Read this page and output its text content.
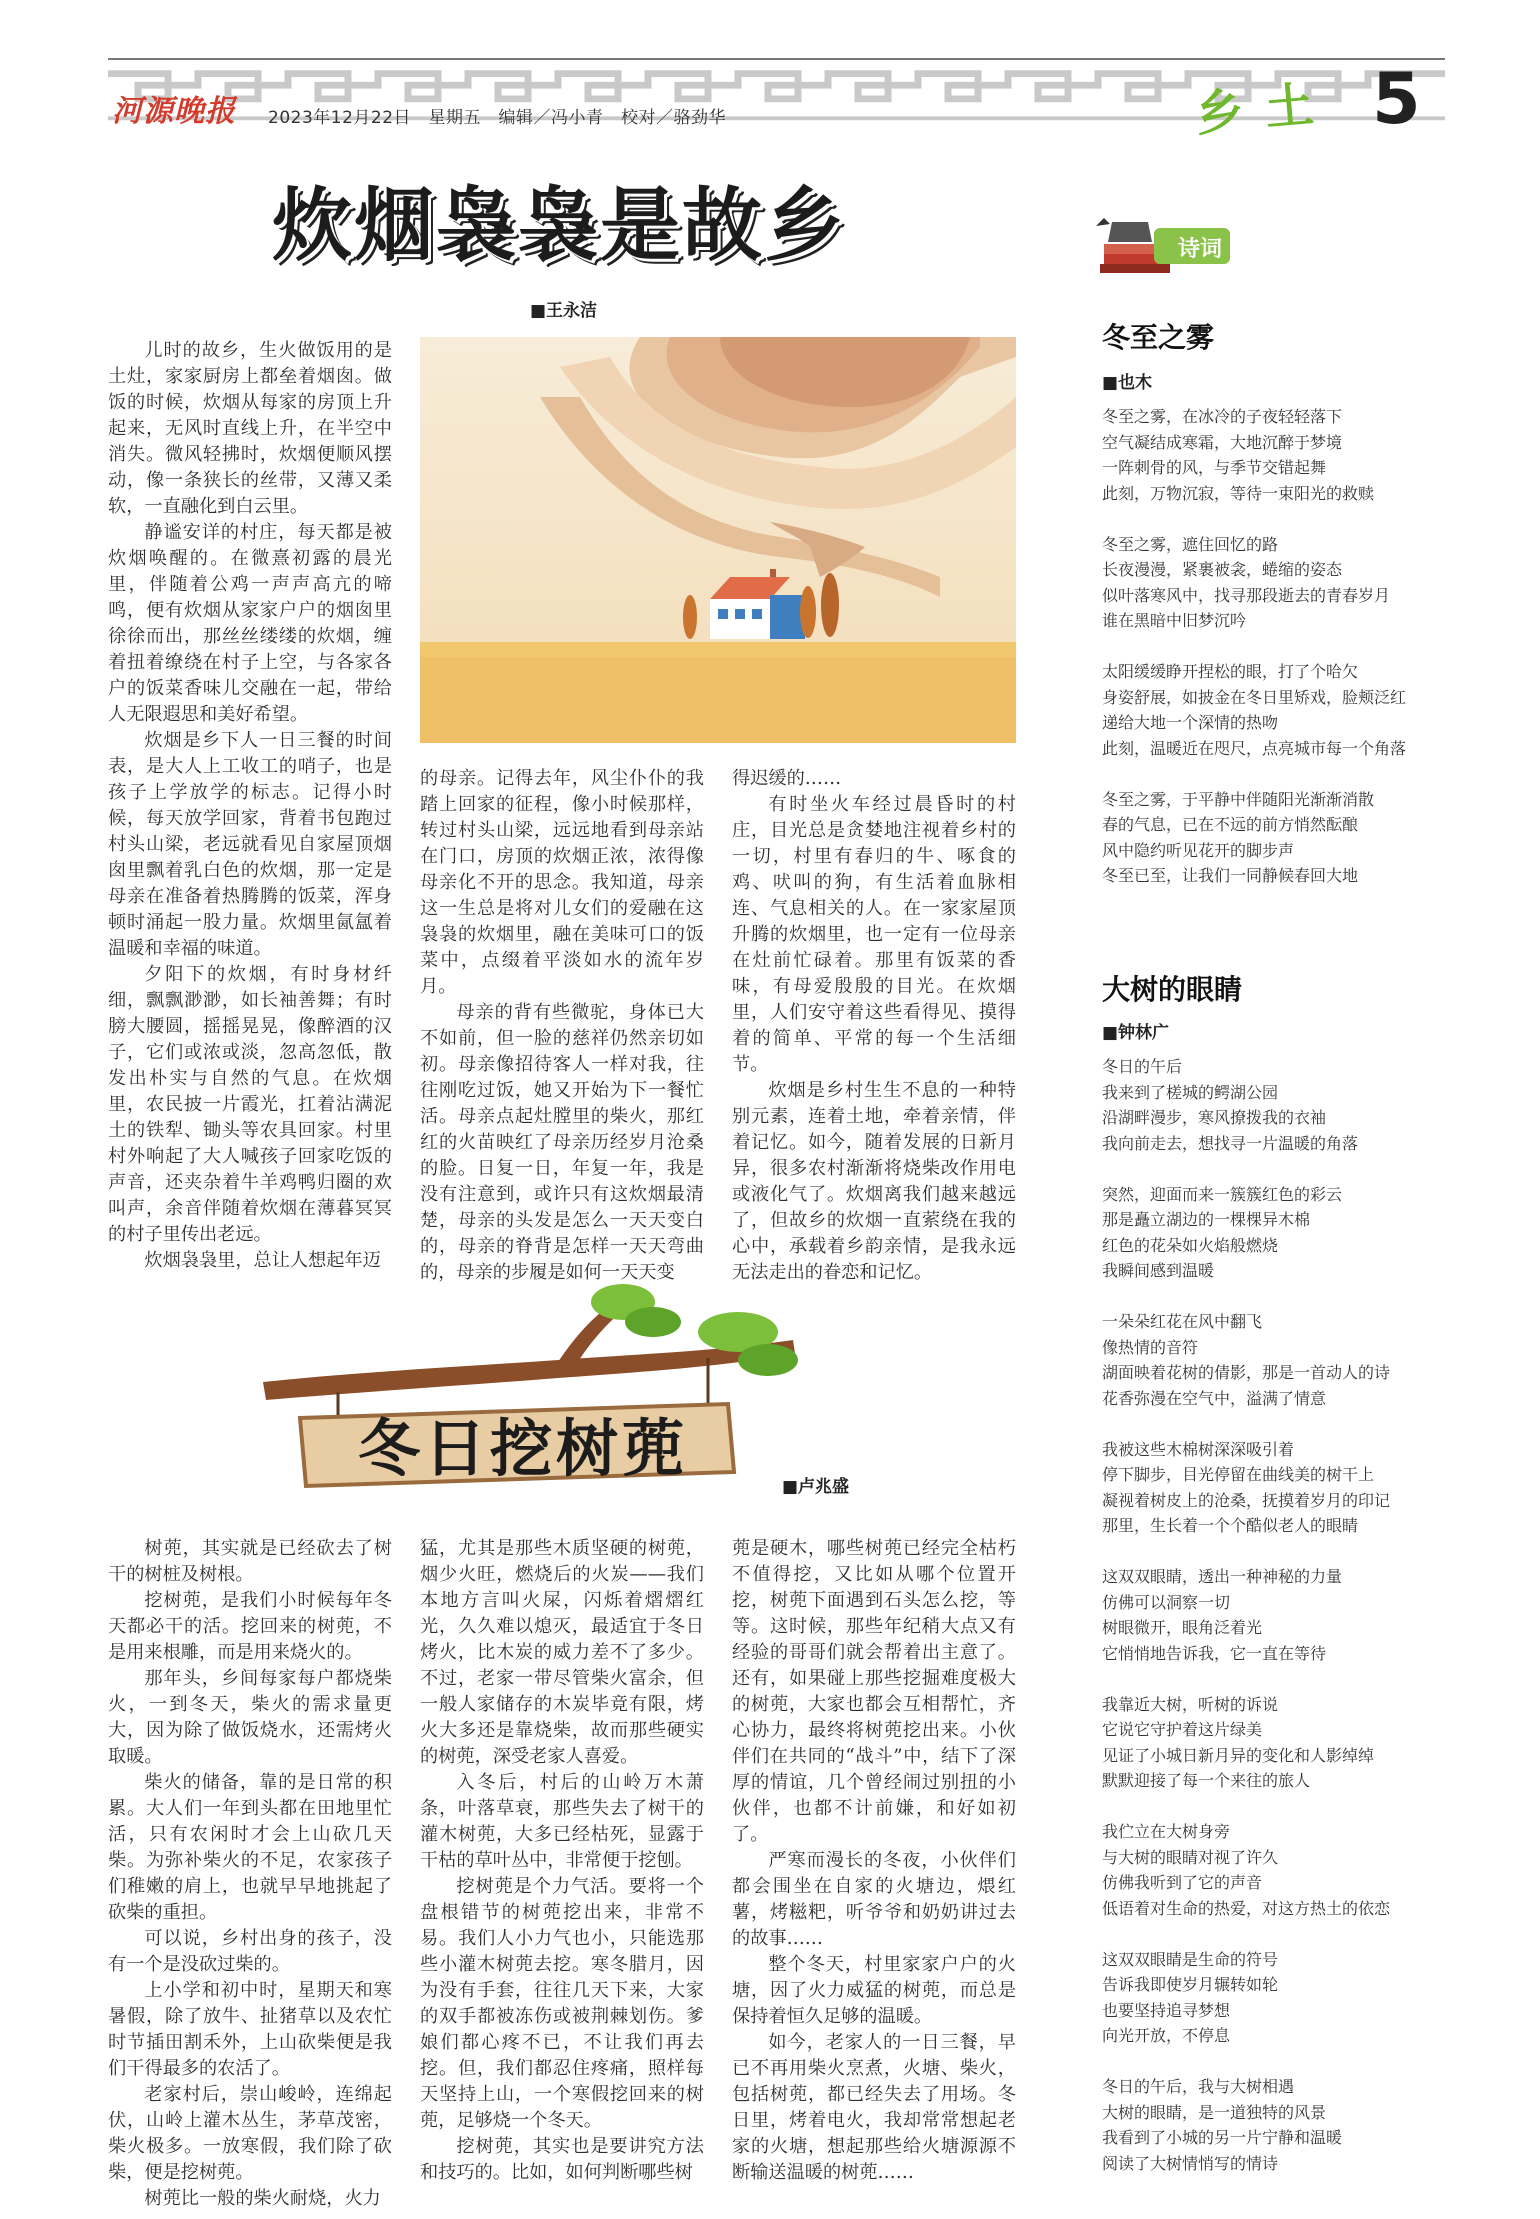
河源晚报 2023年12月22日　星期五　编辑／冯小青　校对／骆劲华	乡土 5
炊烟袅袅是故乡
■王永洁

儿时的故乡，生火做饭用的是土灶，家家厨房上都垒着烟囱。做饭的时候，炊烟从每家的房顶上升起来，无风时直线上升，在半空中消失。微风轻拂时，炊烟便顺风摆动，像一条狭长的丝带，又薄又柔软，一直融化到白云里。

静谧安详的村庄，每天都是被炊烟唤醒的。在微熹初露的晨光里，伴随着公鸡一声声高亢的啼鸣，便有炊烟从家家户户的烟囱里徐徐而出，那丝丝缕缕的炊烟，缠着扭着缭绕在村子上空，与各家各户的饭菜香味儿交融在一起，带给人无限遐思和美好希望。

炊烟是乡下人一日三餐的时间表，是大人上工收工的哨子，也是孩子上学放学的标志。记得小时候，每天放学回家，背着书包跑过村头山梁，老远就看见自家屋顶烟囱里飘着乳白色的炊烟，那一定是母亲在准备着热腾腾的饭菜，浑身顿时涌起一股力量。炊烟里氤氲着温暖和幸福的味道。

夕阳下的炊烟，有时身材纤细，飘飘渺渺，如长袖善舞；有时膀大腰圆，摇摇晃晃，像醉酒的汉子，它们或浓或淡，忽高忽低，散发出朴实与自然的气息。在炊烟里，农民披一片霞光，扛着沾满泥土的铁犁、锄头等农具回家。村里村外响起了大人喊孩子回家吃饭的声音，还夹杂着牛羊鸡鸭归圈的欢叫声，余音伴随着炊烟在薄暮冥冥的村子里传出老远。

炊烟袅袅里，总让人想起年迈

的母亲。记得去年，风尘仆仆的我踏上回家的征程，像小时候那样，转过村头山梁，远远地看到母亲站在门口，房顶的炊烟正浓，浓得像母亲化不开的思念。我知道，母亲这一生总是将对儿女们的爱融在这袅袅的炊烟里，融在美味可口的饭菜中，点缀着平淡如水的流年岁月。

母亲的背有些微驼，身体已大不如前，但一脸的慈祥仍然亲切如初。母亲像招待客人一样对我，往往刚吃过饭，她又开始为下一餐忙活。母亲点起灶膛里的柴火，那红红的火苗映红了母亲历经岁月沧桑的脸。日复一日，年复一年，我是没有注意到，或许只有这炊烟最清楚，母亲的头发是怎么一天天变白的，母亲的脊背是怎样一天天弯曲的，母亲的步履是如何一天天变

得迟缓的……

有时坐火车经过晨昏时的村庄，目光总是贪婪地注视着乡村的一切，村里有春归的牛、啄食的鸡、吠叫的狗，有生活着血脉相连、气息相关的人。在一家家屋顶升腾的炊烟里，也一定有一位母亲在灶前忙碌着。那里有饭菜的香味，有母爱殷殷的目光。在炊烟里，人们安守着这些看得见、摸得着的简单、平常的每一个生活细节。

炊烟是乡村生生不息的一种特别元素，连着土地，牵着亲情，伴着记忆。如今，随着发展的日新月异，很多农村渐渐将烧柴改作用电或液化气了。炊烟离我们越来越远了，但故乡的炊烟一直萦绕在我的心中，承载着乡韵亲情，是我永远无法走出的眷恋和记忆。

冬日挖树蔸
■卢兆盛

树蔸，其实就是已经砍去了树干的树桩及树根。

挖树蔸，是我们小时候每年冬天都必干的活。挖回来的树蔸，不是用来根雕，而是用来烧火的。

那年头，乡间每家每户都烧柴火，一到冬天，柴火的需求量更大，因为除了做饭烧水，还需烤火取暖。

柴火的储备，靠的是日常的积累。大人们一年到头都在田地里忙活，只有农闲时才会上山砍几天柴。为弥补柴火的不足，农家孩子们稚嫩的肩上，也就早早地挑起了砍柴的重担。

可以说，乡村出身的孩子，没有一个是没砍过柴的。

上小学和初中时，星期天和寒暑假，除了放牛、扯猪草以及农忙时节插田割禾外，上山砍柴便是我们干得最多的农活了。

老家村后，崇山峻岭，连绵起伏，山岭上灌木丛生，茅草茂密，柴火极多。一放寒假，我们除了砍柴，便是挖树蔸。

树蔸比一般的柴火耐烧，火力

猛，尤其是那些木质坚硬的树蔸，烟少火旺，燃烧后的火炭——我们本地方言叫火屎，闪烁着熠熠红光，久久难以熄灭，最适宜于冬日烤火，比木炭的威力差不了多少。不过，老家一带尽管柴火富余，但一般人家储存的木炭毕竟有限，烤火大多还是靠烧柴，故而那些硬实的树蔸，深受老家人喜爱。

入冬后，村后的山岭万木萧条，叶落草衰，那些失去了树干的灌木树蔸，大多已经枯死，显露于干枯的草叶丛中，非常便于挖刨。

挖树蔸是个力气活。要将一个盘根错节的树蔸挖出来，非常不易。我们人小力气也小，只能选那些小灌木树蔸去挖。寒冬腊月，因为没有手套，往往几天下来，大家的双手都被冻伤或被荆棘划伤。爹娘们都心疼不已，不让我们再去挖。但，我们都忍住疼痛，照样每天坚持上山，一个寒假挖回来的树蔸，足够烧一个冬天。

挖树蔸，其实也是要讲究方法和技巧的。比如，如何判断哪些树

蔸是硬木，哪些树蔸已经完全枯朽不值得挖，又比如从哪个位置开挖，树蔸下面遇到石头怎么挖，等等。这时候，那些年纪稍大点又有经验的哥哥们就会帮着出主意了。还有，如果碰上那些挖掘难度极大的树蔸，大家也都会互相帮忙，齐心协力，最终将树蔸挖出来。小伙伴们在共同的“战斗”中，结下了深厚的情谊，几个曾经闹过别扭的小伙伴，也都不计前嫌，和好如初了。

严寒而漫长的冬夜，小伙伴们都会围坐在自家的火塘边，煨红薯，烤糍粑，听爷爷和奶奶讲过去的故事……

整个冬天，村里家家户户的火塘，因了火力威猛的树蔸，而总是保持着恒久足够的温暖。

如今，老家人的一日三餐，早已不再用柴火烹煮，火塘、柴火，包括树蔸，都已经失去了用场。冬日里，烤着电火，我却常常想起老家的火塘，想起那些给火塘源源不断输送温暖的树蔸……

诗词
冬至之雾
■也木
冬至之雾，在冰冷的子夜轻轻落下
空气凝结成寒霜，大地沉醉于梦境
一阵刺骨的风，与季节交错起舞
此刻，万物沉寂，等待一束阳光的救赎
冬至之雾，遮住回忆的路
长夜漫漫，紧裹被衾，蜷缩的姿态
似叶落寒风中，找寻那段逝去的青春岁月
谁在黑暗中旧梦沉吟
太阳缓缓睁开捏松的眼，打了个哈欠
身姿舒展，如披金在冬日里矫戏，脸颊泛红
递给大地一个深情的热吻
此刻，温暖近在咫尺，点亮城市每一个角落
冬至之雾，于平静中伴随阳光渐渐消散
春的气息，已在不远的前方悄然酝酿
风中隐约听见花开的脚步声
冬至已至，让我们一同静候春回大地
大树的眼睛
■钟林广
冬日的午后
我来到了槎城的鳄湖公园
沿湖畔漫步，寒风撩拨我的衣袖
我向前走去，想找寻一片温暖的角落
突然，迎面而来一簇簇红色的彩云
那是矗立湖边的一棵棵异木棉
红色的花朵如火焰般燃烧
我瞬间感到温暖
一朵朵红花在风中翻飞
像热情的音符
湖面映着花树的倩影，那是一首动人的诗
花香弥漫在空气中，溢满了情意
我被这些木棉树深深吸引着
停下脚步，目光停留在曲线美的树干上
凝视着树皮上的沧桑，抚摸着岁月的印记
那里，生长着一个个酷似老人的眼睛
这双双眼睛，透出一种神秘的力量
仿佛可以洞察一切
树眼微开，眼角泛着光
它悄悄地告诉我，它一直在等待
我靠近大树，听树的诉说
它说它守护着这片绿美
见证了小城日新月异的变化和人影绰绰
默默迎接了每一个来往的旅人
我伫立在大树身旁
与大树的眼睛对视了许久
仿佛我听到了它的声音
低语着对生命的热爱，对这方热土的依恋
这双双眼睛是生命的符号
告诉我即使岁月辗转如轮
也要坚持追寻梦想
向光开放，不停息
冬日的午后，我与大树相遇
大树的眼睛，是一道独特的风景
我看到了小城的另一片宁静和温暖
阅读了大树情悄写的情诗
